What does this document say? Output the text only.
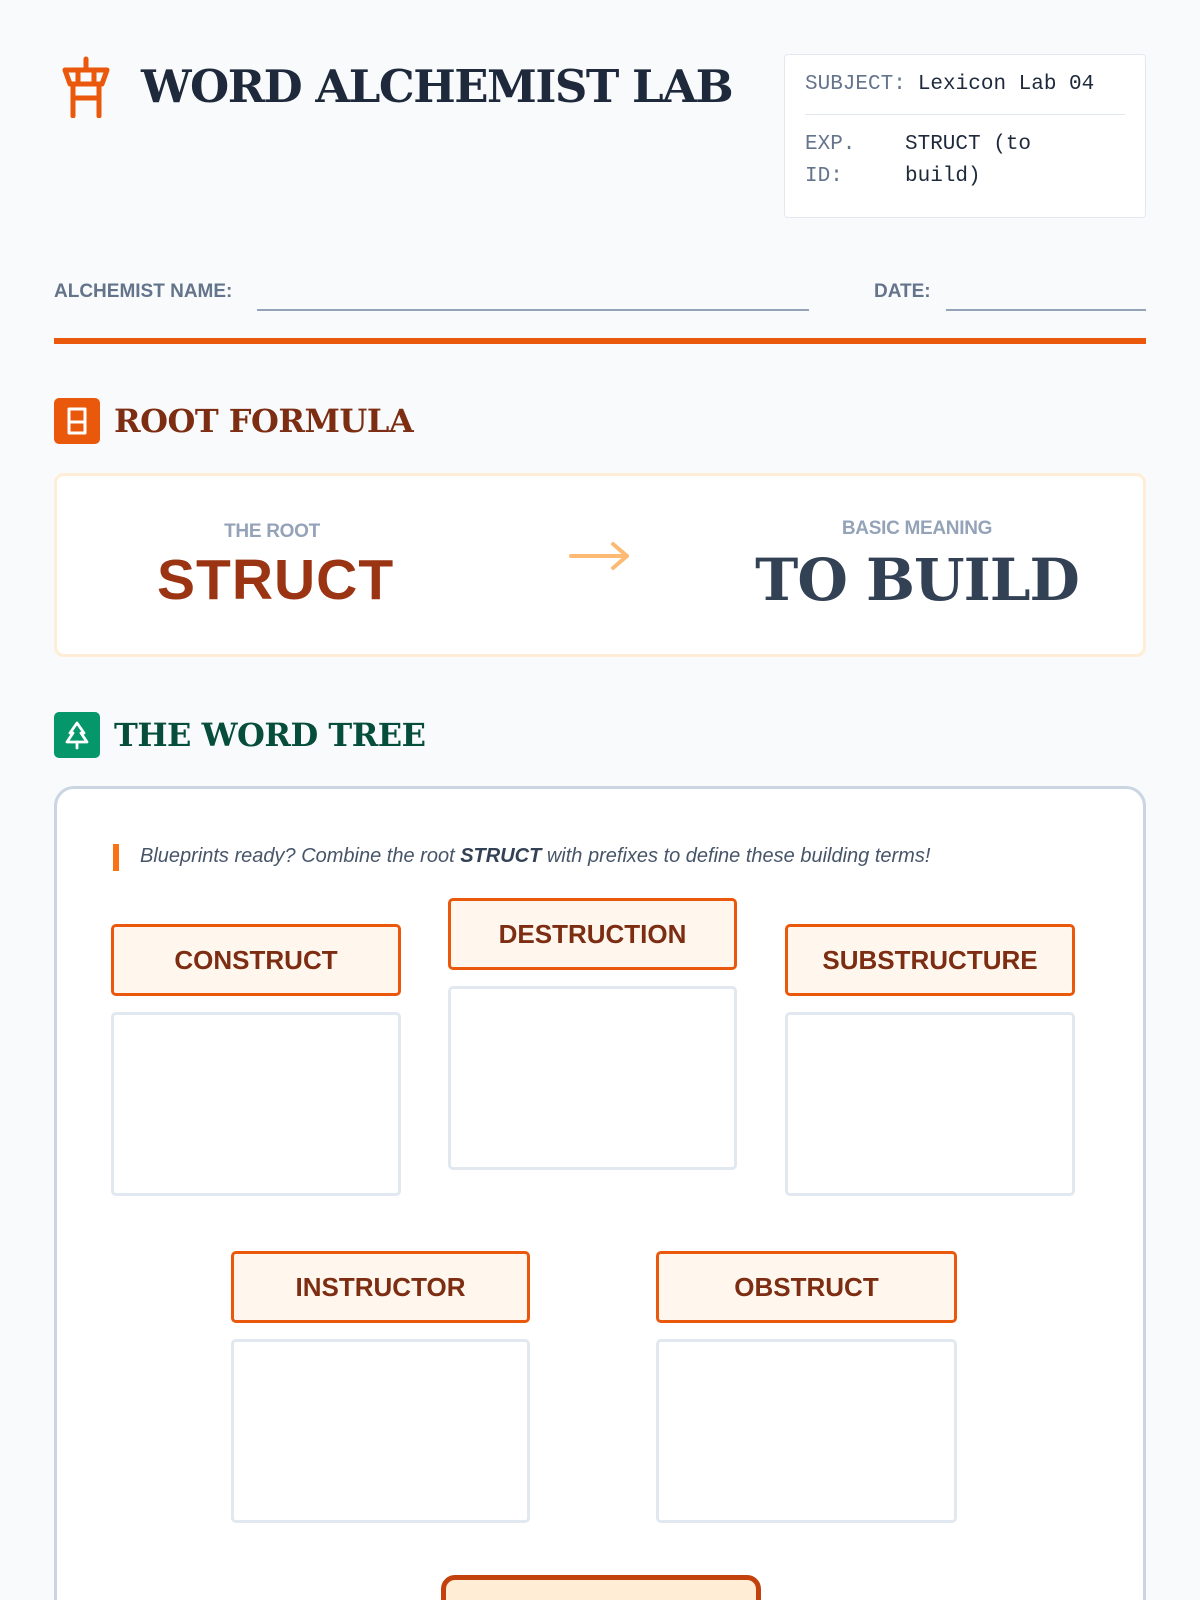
WORD ALCHEMIST LAB	SUBJECT: Lexicon Lab 04
EXP. ID:
STRUCT (to build)
ALCHEMIST NAME:	DATE:
ROOT FORMULA
THE ROOT
STRUCT
BASIC MEANING
TO BUILD
THE WORD TREE
Blueprints ready? Combine the root STRUCT with prefixes to define these building terms!
CONSTRUCT
DESTRUCTION
SUBSTRUCTURE
INSTRUCTOR	OBSTRUCT
